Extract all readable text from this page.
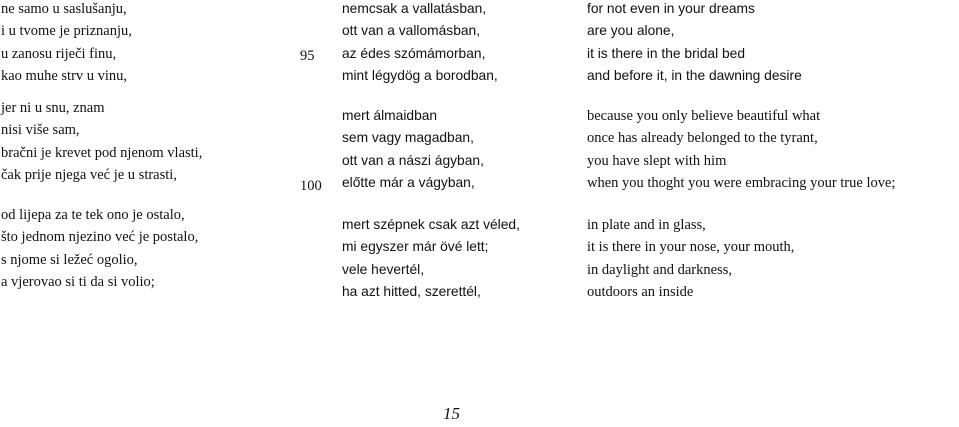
ne samo u saslušanju,
i u tvome je priznanju,
u zanosu riječi finu,
kao muhe strv u vinu,
jer ni u snu, znam
nisi više sam,
bračni je krevet pod njenom vlasti,
čak prije njega već je u strasti,
od lijepa za te tek ono je ostalo,
što jednom njezino već je postalo,
s njome si ležeć ogolio,
a vjerovao si ti da si volio;
95
100
nemcsak a vallatásban,
ott van a vallomásban,
az édes szómámorban,
mint légydög a borodban,
mert álmaidban
sem vagy magadban,
ott van a nászi ágyban,
előtte már a vágyban,
mert szépnek csak azt véled,
mi egyszer már övé lett;
vele hevertél,
ha azt hitted, szerettél,
for not even in your dreams
are you alone,
it is there in the bridal bed
and before it, in the dawning desire
because you only believe beautiful what
once has already belonged to the tyrant,
you have slept with him
when you thoght you were embracing your true love;
in plate and in glass,
it is there in your nose, your mouth,
in daylight and darkness,
outdoors an inside
15
